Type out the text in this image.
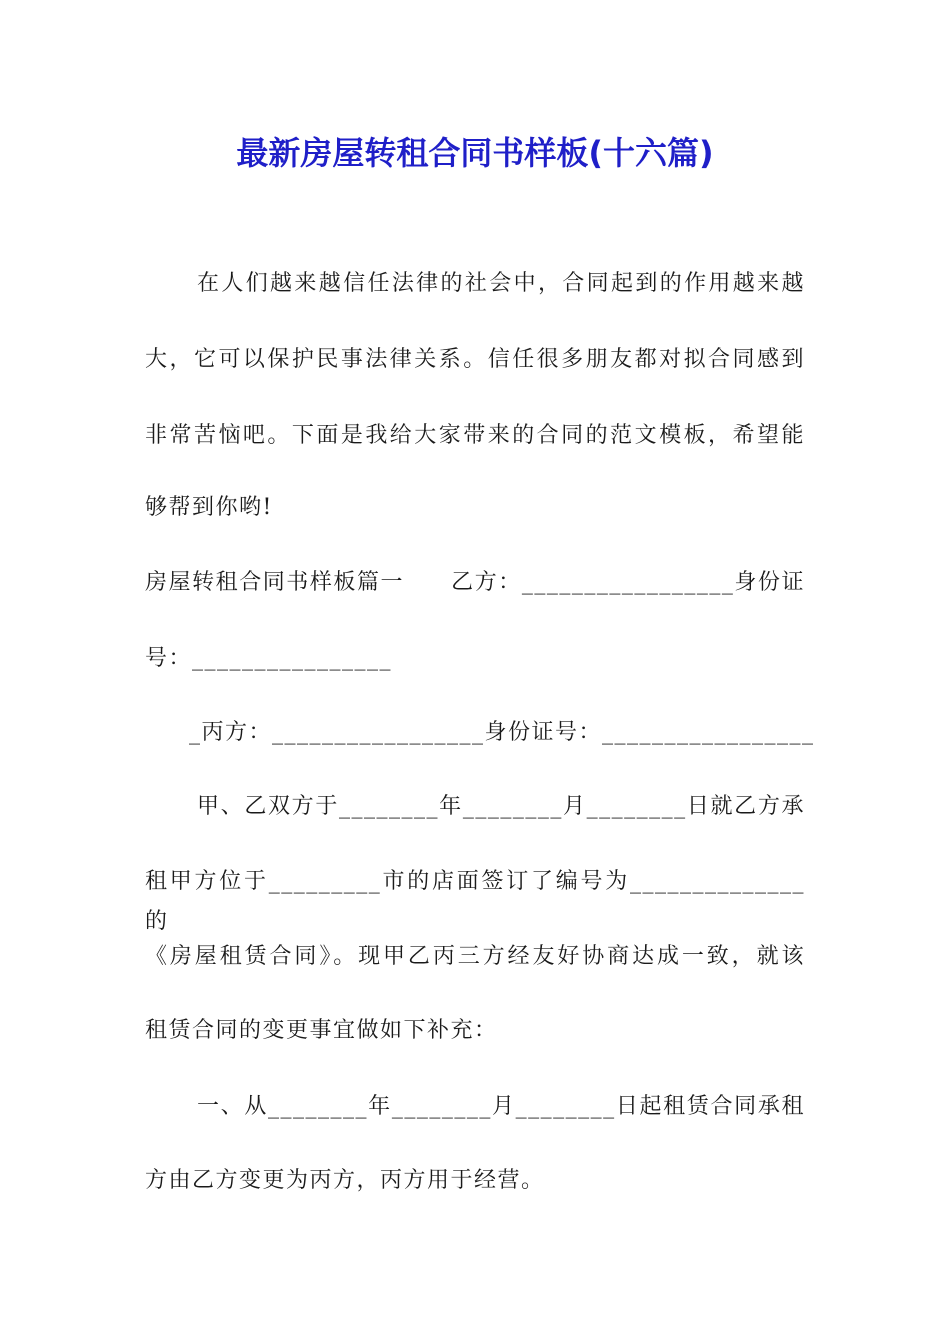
最新房屋转租合同书样板(十六篇)

在人们越来越信任法律的社会中，合同起到的作用越来越

大，它可以保护民事法律关系。信任很多朋友都对拟合同感到

非常苦恼吧。下面是我给大家带来的合同的范文模板，希望能

够帮到你哟!

房屋转租合同书样板篇一　　乙方：_________________身份证

号：________________

_丙方：_________________身份证号：_________________

甲、乙双方于________年________月________日就乙方承

租甲方位于_________市的店面签订了编号为______________的

《房屋租赁合同》。现甲乙丙三方经友好协商达成一致，就该

租赁合同的变更事宜做如下补充：

一、从________年________月________日起租赁合同承租

方由乙方变更为丙方，丙方用于经营。
